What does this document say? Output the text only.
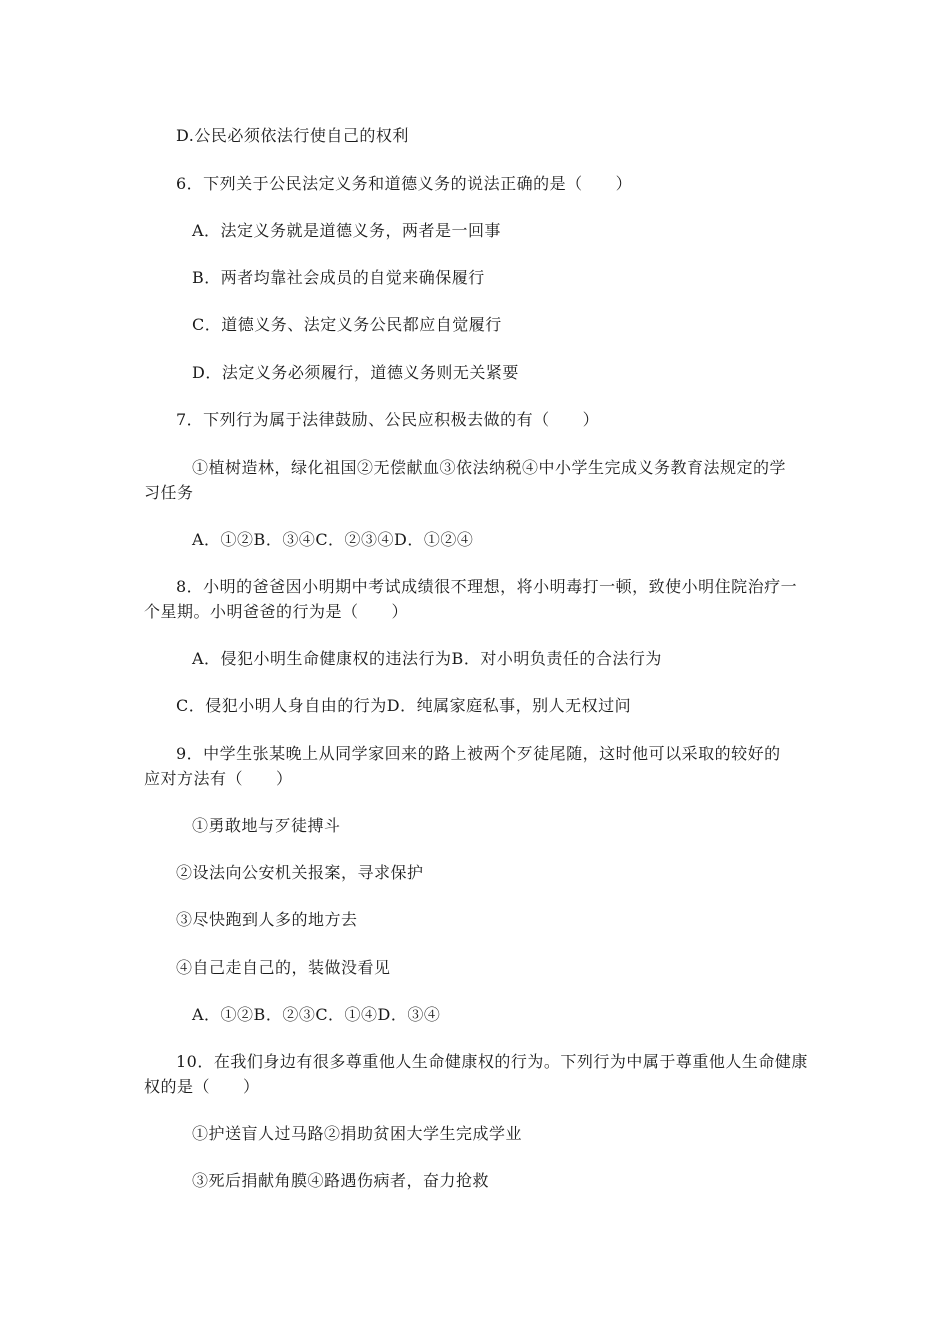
D.公民必须依法行使自己的权利
6．下列关于公民法定义务和道德义务的说法正确的是（　　）
A．法定义务就是道德义务，两者是一回事
B．两者均靠社会成员的自觉来确保履行
C．道德义务、法定义务公民都应自觉履行
D．法定义务必须履行，道德义务则无关紧要
7．下列行为属于法律鼓励、公民应积极去做的有（　　）
①植树造林，绿化祖国②无偿献血③依法纳税④中小学生完成义务教育法规定的学
习任务
A．①②B．③④C．②③④D．①②④
8．小明的爸爸因小明期中考试成绩很不理想，将小明毒打一顿，致使小明住院治疗一
个星期。小明爸爸的行为是（　　）
A．侵犯小明生命健康权的违法行为B．对小明负责任的合法行为
C．侵犯小明人身自由的行为D．纯属家庭私事，别人无权过问
9．中学生张某晚上从同学家回来的路上被两个歹徒尾随，这时他可以采取的较好的
应对方法有（　　）
①勇敢地与歹徒搏斗
②设法向公安机关报案，寻求保护
③尽快跑到人多的地方去
④自己走自己的，装做没看见
A．①②B．②③C．①④D．③④
10．在我们身边有很多尊重他人生命健康权的行为。下列行为中属于尊重他人生命健康
权的是（　　）
①护送盲人过马路②捐助贫困大学生完成学业
③死后捐献角膜④路遇伤病者，奋力抢救
